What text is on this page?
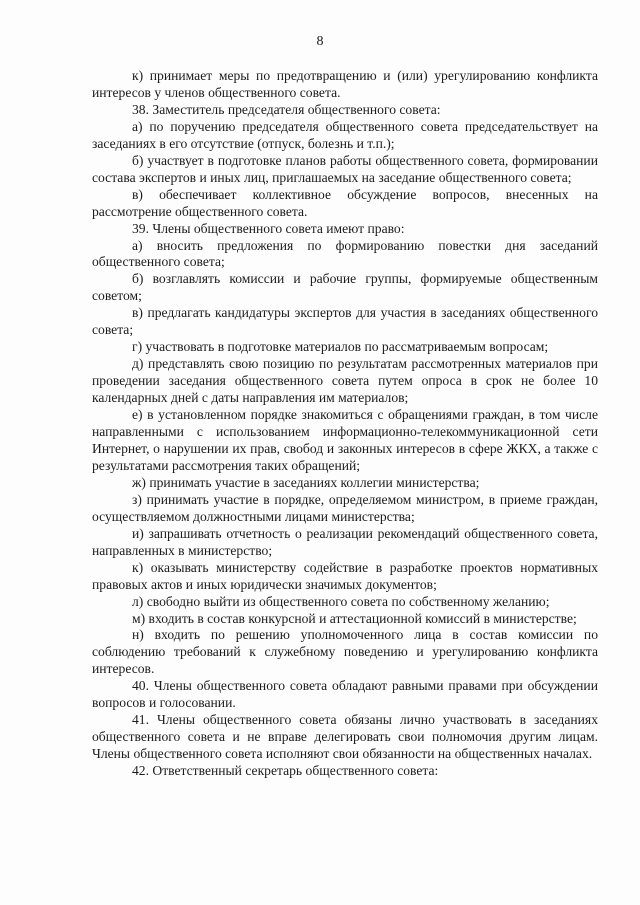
8

к) принимает меры по предотвращению и (или) урегулированию конфликта интересов у членов общественного совета.

38. Заместитель председателя общественного совета:

а) по поручению председателя общественного совета председательствует на заседаниях в его отсутствие (отпуск, болезнь и т.п.);

б) участвует в подготовке планов работы общественного совета, формировании состава экспертов и иных лиц, приглашаемых на заседание общественного совета;

в) обеспечивает коллективное обсуждение вопросов, внесенных на рассмотрение общественного совета.

39. Члены общественного совета имеют право:

а) вносить предложения по формированию повестки дня заседаний общественного совета;

б) возглавлять комиссии и рабочие группы, формируемые общественным советом;

в) предлагать кандидатуры экспертов для участия в заседаниях общественного совета;

г) участвовать в подготовке материалов по рассматриваемым вопросам;

д) представлять свою позицию по результатам рассмотренных материалов при проведении заседания общественного совета путем опроса в срок не более 10 календарных дней с даты направления им материалов;

е) в установленном порядке знакомиться с обращениями граждан, в том числе направленными с использованием информационно-телекоммуникационной сети Интернет, о нарушении их прав, свобод и законных интересов в сфере ЖКХ, а также с результатами рассмотрения таких обращений;

ж) принимать участие в заседаниях коллегии министерства;

з) принимать участие в порядке, определяемом министром, в приеме граждан, осуществляемом должностными лицами министерства;

и) запрашивать отчетность о реализации рекомендаций общественного совета, направленных в министерство;

к) оказывать министерству содействие в разработке проектов нормативных правовых актов и иных юридически значимых документов;

л) свободно выйти из общественного совета по собственному желанию;

м) входить в состав конкурсной и аттестационной комиссий в министерстве;

н) входить по решению уполномоченного лица в состав комиссии по соблюдению требований к служебному поведению и урегулированию конфликта интересов.

40. Члены общественного совета обладают равными правами при обсуждении вопросов и голосовании.

41. Члены общественного совета обязаны лично участвовать в заседаниях общественного совета и не вправе делегировать свои полномочия другим лицам. Члены общественного совета исполняют свои обязанности на общественных началах.

42. Ответственный секретарь общественного совета:
